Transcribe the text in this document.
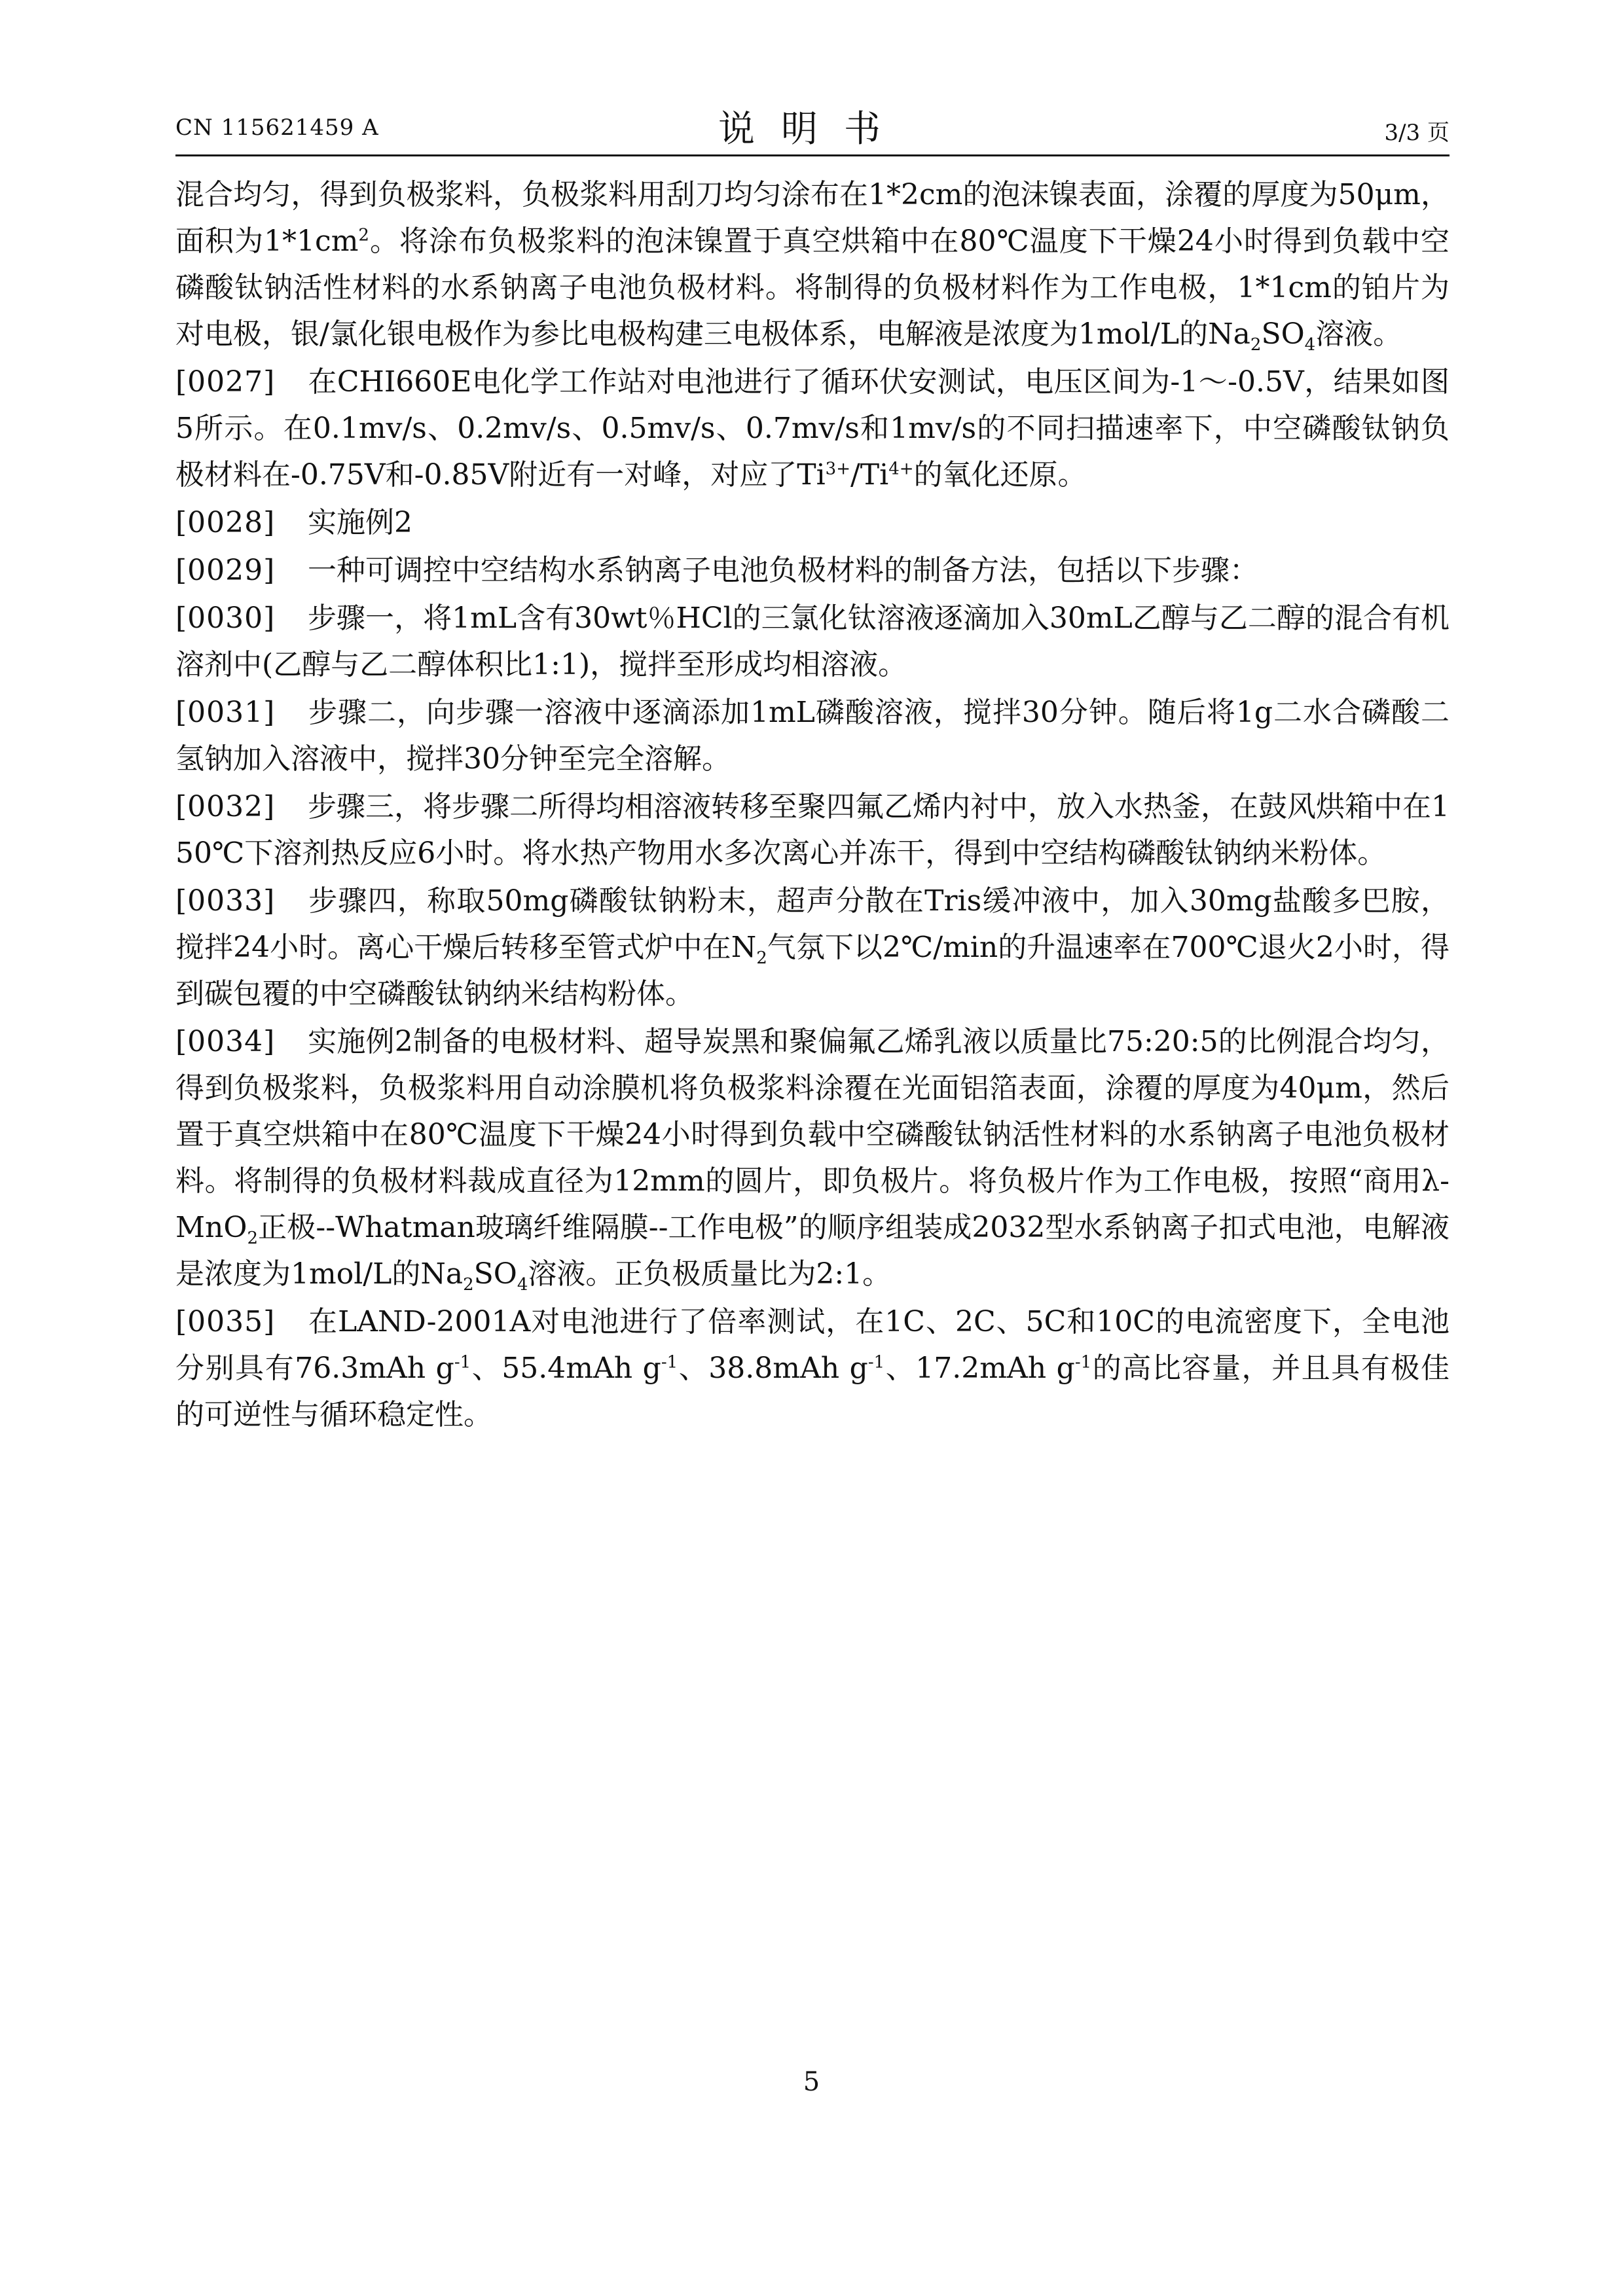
CN 115621459 A	说明书	3/3 页

混合均匀，得到负极浆料，负极浆料用刮刀均匀涂布在1*2cm的泡沫镍表面，涂覆的厚度为50μm，面积为$1*1cm^2$。将涂布负极浆料的泡沫镍置于真空烘箱中在80℃温度下干燥24小时得到负载中空磷酸钛钠活性材料的水系钠离子电池负极材料。将制得的负极材料作为工作电极，1*1cm的铂片为对电极，银/氯化银电极作为参比电极构建三电极体系，电解液是浓度为1mol/L的$Na_2SO_4$溶液。

[0027] 在CHI660E电化学工作站对电池进行了循环伏安测试，电压区间为-1～-0.5V，结果如图5所示。在0.1mv/s、0.2mv/s、0.5mv/s、0.7mv/s和1mv/s的不同扫描速率下，中空磷酸钛钠负极材料在-0.75V和-0.85V附近有一对峰，对应了$Ti^{3+}/Ti^{4+}$的氧化还原。

[0028] 实施例2

[0029] 一种可调控中空结构水系钠离子电池负极材料的制备方法，包括以下步骤：

[0030] 步骤一，将1mL含有30wt％HCl的三氯化钛溶液逐滴加入30mL乙醇与乙二醇的混合有机溶剂中(乙醇与乙二醇体积比1:1)，搅拌至形成均相溶液。

[0031] 步骤二，向步骤一溶液中逐滴添加1mL磷酸溶液，搅拌30分钟。随后将1g二水合磷酸二氢钠加入溶液中，搅拌30分钟至完全溶解。

[0032] 步骤三，将步骤二所得均相溶液转移至聚四氟乙烯内衬中，放入水热釜，在鼓风烘箱中在150℃下溶剂热反应6小时。将水热产物用水多次离心并冻干，得到中空结构磷酸钛钠纳米粉体。

[0033] 步骤四，称取50mg磷酸钛钠粉末，超声分散在Tris缓冲液中，加入30mg盐酸多巴胺，搅拌24小时。离心干燥后转移至管式炉中在$N_2$气氛下以2℃/min的升温速率在700℃退火2小时，得到碳包覆的中空磷酸钛钠纳米结构粉体。

[0034] 实施例2制备的电极材料、超导炭黑和聚偏氟乙烯乳液以质量比75:20:5的比例混合均匀，得到负极浆料，负极浆料用自动涂膜机将负极浆料涂覆在光面铝箔表面，涂覆的厚度为40μm，然后置于真空烘箱中在80℃温度下干燥24小时得到负载中空磷酸钛钠活性材料的水系钠离子电池负极材料。将制得的负极材料裁成直径为12mm的圆片，即负极片。将负极片作为工作电极，按照“商用λ-MnO$_2$正极--Whatman玻璃纤维隔膜--工作电极”的顺序组装成2032型水系钠离子扣式电池，电解液是浓度为1mol/L的$Na_2SO_4$溶液。正负极质量比为2:1。

[0035] 在LAND-2001A对电池进行了倍率测试，在1C、2C、5C和10C的电流密度下，全电池分别具有76.3mAh $g^{-1}$、55.4mAh $g^{-1}$、38.8mAh $g^{-1}$、17.2mAh $g^{-1}$的高比容量，并且具有极佳的可逆性与循环稳定性。

5
